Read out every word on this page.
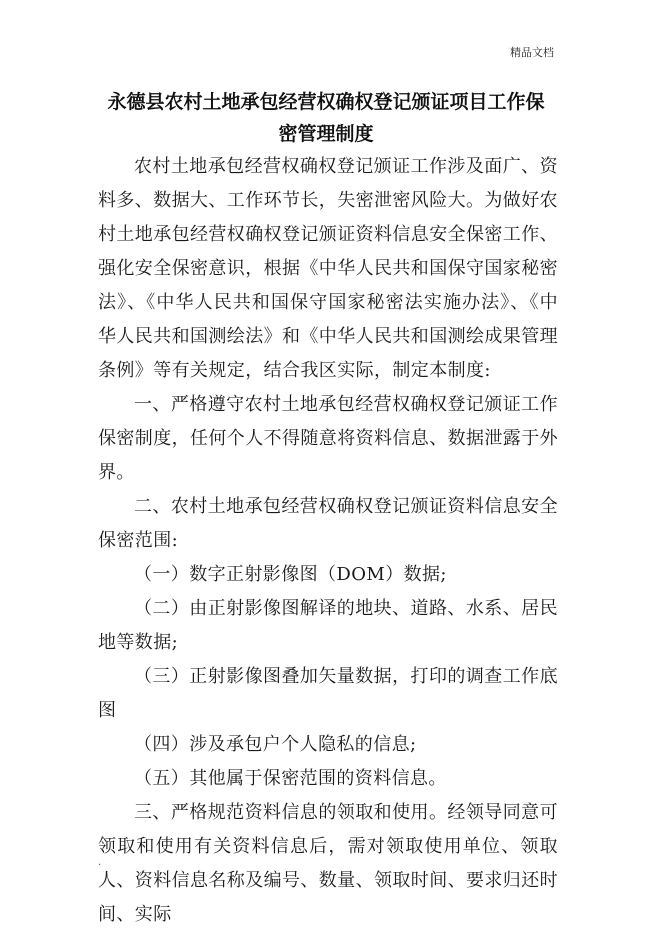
精品文档
永德县农村土地承包经营权确权登记颁证项目工作保
密管理制度

农村土地承包经营权确权登记颁证工作涉及面广、资料多、数据大、工作环节长，失密泄密风险大。为做好农村土地承包经营权确权登记颁证资料信息安全保密工作、强化安全保密意识，根据《中华人民共和国保守国家秘密法》、《中华人民共和国保守国家秘密法实施办法》、《中华人民共和国测绘法》和《中华人民共和国测绘成果管理条例》等有关规定，结合我区实际，制定本制度:

一、严格遵守农村土地承包经营权确权登记颁证工作保密制度，任何个人不得随意将资料信息、数据泄露于外界。

二、农村土地承包经营权确权登记颁证资料信息安全保密范围:

（一）数字正射影像图（DOM）数据;

（二）由正射影像图解译的地块、道路、水系、居民地等数据;

（三）正射影像图叠加矢量数据，打印的调查工作底图

（四）涉及承包户个人隐私的信息;

（五）其他属于保密范围的资料信息。

三、严格规范资料信息的领取和使用。经领导同意可领取和使用有关资料信息后，需对领取使用单位、领取人、资料信息名称及编号、数量、领取时间、要求归还时间、实际

.
